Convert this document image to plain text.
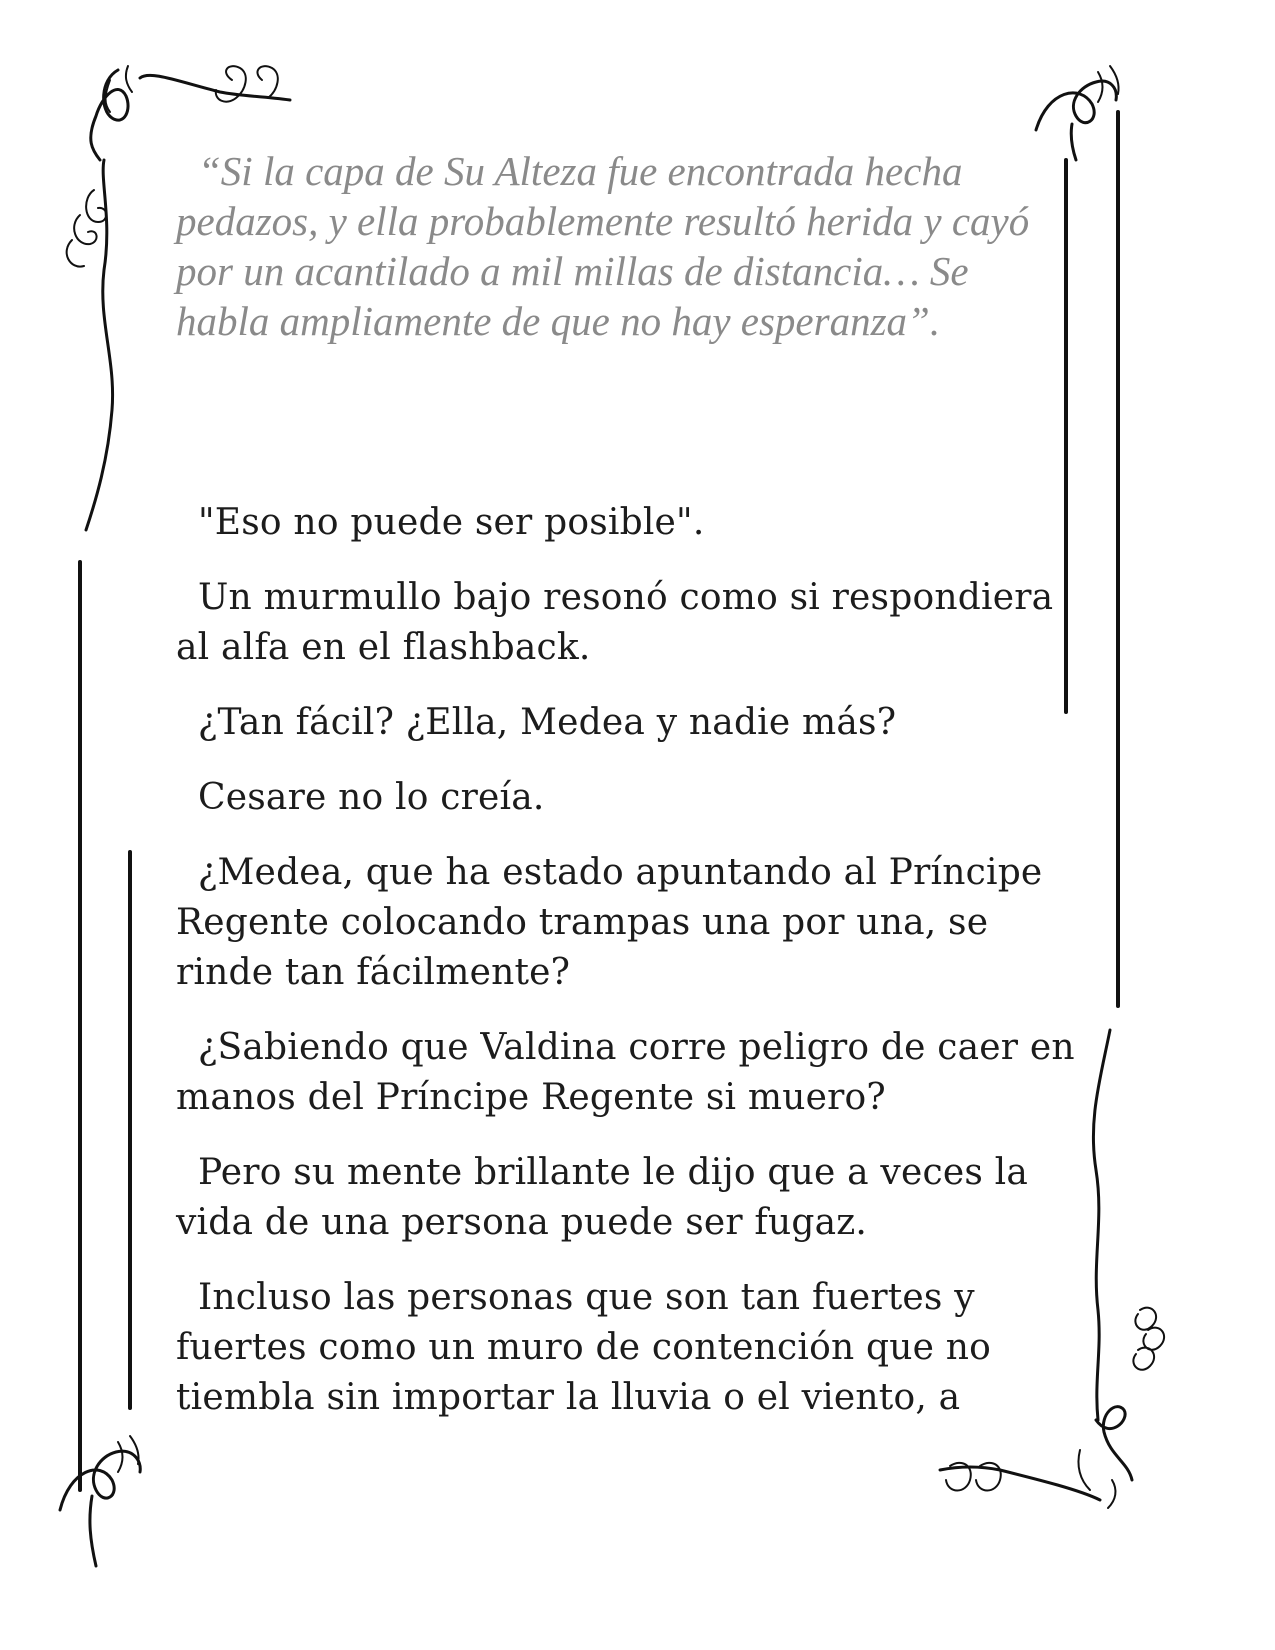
“Si la capa de Su Alteza fue encontrada hecha pedazos, y ella probablemente resultó herida y cayó por un acantilado a mil millas de distancia… Se habla ampliamente de que no hay esperanza”.

"Eso no puede ser posible".

Un murmullo bajo resonó como si respondiera al alfa en el flashback.

¿Tan fácil? ¿Ella, Medea y nadie más?

Cesare no lo creía.

¿Medea, que ha estado apuntando al Príncipe Regente colocando trampas una por una, se rinde tan fácilmente?

¿Sabiendo que Valdina corre peligro de caer en manos del Príncipe Regente si muero?

Pero su mente brillante le dijo que a veces la vida de una persona puede ser fugaz.

Incluso las personas que son tan fuertes y fuertes como un muro de contención que no tiembla sin importar la lluvia o el viento, a
